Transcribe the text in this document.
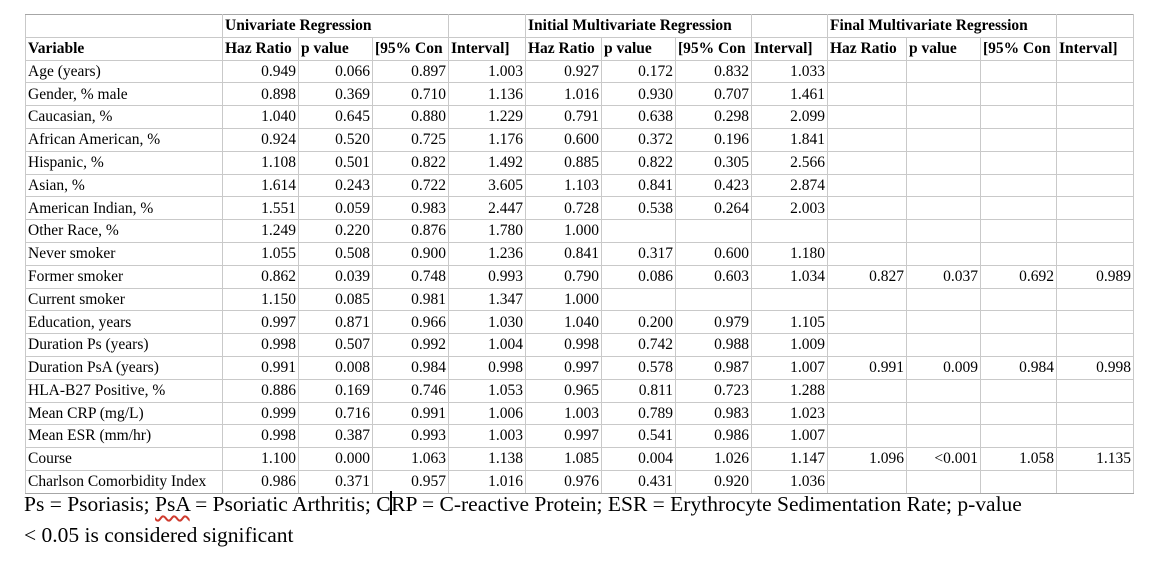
	Univariate Regression				Initial Multivariate Regression				Final Multivariate Regression			
Variable	Haz Ratio	p value	[95% Con	Interval]	Haz Ratio	p value	[95% Con	Interval]	Haz Ratio	p value	[95% Con	Interval]
Age (years)	0.949	0.066	0.897	1.003	0.927	0.172	0.832	1.033				
Gender, % male	0.898	0.369	0.710	1.136	1.016	0.930	0.707	1.461				
Caucasian, %	1.040	0.645	0.880	1.229	0.791	0.638	0.298	2.099				
African American, %	0.924	0.520	0.725	1.176	0.600	0.372	0.196	1.841				
Hispanic, %	1.108	0.501	0.822	1.492	0.885	0.822	0.305	2.566				
Asian, %	1.614	0.243	0.722	3.605	1.103	0.841	0.423	2.874				
American Indian, %	1.551	0.059	0.983	2.447	0.728	0.538	0.264	2.003				
Other Race, %	1.249	0.220	0.876	1.780	1.000							
Never smoker	1.055	0.508	0.900	1.236	0.841	0.317	0.600	1.180				
Former smoker	0.862	0.039	0.748	0.993	0.790	0.086	0.603	1.034	0.827	0.037	0.692	0.989
Current smoker	1.150	0.085	0.981	1.347	1.000							
Education, years	0.997	0.871	0.966	1.030	1.040	0.200	0.979	1.105				
Duration Ps (years)	0.998	0.507	0.992	1.004	0.998	0.742	0.988	1.009				
Duration PsA (years)	0.991	0.008	0.984	0.998	0.997	0.578	0.987	1.007	0.991	0.009	0.984	0.998
HLA-B27 Positive, %	0.886	0.169	0.746	1.053	0.965	0.811	0.723	1.288				
Mean CRP (mg/L)	0.999	0.716	0.991	1.006	1.003	0.789	0.983	1.023				
Mean ESR (mm/hr)	0.998	0.387	0.993	1.003	0.997	0.541	0.986	1.007				
Course	1.100	0.000	1.063	1.138	1.085	0.004	1.026	1.147	1.096	<0.001	1.058	1.135
Charlson Comorbidity Index	0.986	0.371	0.957	1.016	0.976	0.431	0.920	1.036				

Ps = Psoriasis; PsA = Psoriatic Arthritis; CRP = C-reactive Protein; ESR = Erythrocyte Sedimentation Rate; p-value
< 0.05 is considered significant
